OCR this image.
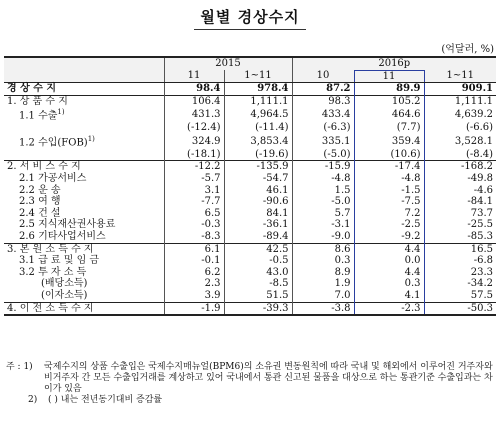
월별 경상수지
(억달러, %)
	2015		2016p		
	11	1~11	10	11	1~11
경 상 수 지	98.4	978.4	87.2	89.9	909.1
1. 상 품 수 지	106.4	1,111.1	98.3	105.2	1,111.1
1.1 수출$^{1)}$	431.3	4,964.5	433.4	464.6	4,639.2
	(-12.4)	(-11.4)	(-6.3)	(7.7)	(-6.6)
1.2 수입(FOB)$^{1)}$	324.9	3,853.4	335.1	359.4	3,528.1
	(-18.1)	(-19.6)	(-5.0)	(10.6)	(-8.4)
2. 서 비 스 수 지	-12.2	-135.9	-15.9	-17.4	-168.2
2.1 가공서비스	-5.7	-54.7	-4.8	-4.8	-49.8
2.2 운 송	3.1	46.1	1.5	-1.5	-4.6
2.3 여 행	-7.7	-90.6	-5.0	-7.5	-84.1
2.4 건 설	6.5	84.1	5.7	7.2	73.7
2.5 지식재산권사용료	-0.3	-36.1	-3.1	-2.5	-25.5
2.6 기타사업서비스	-8.3	-89.4	-9.0	-9.2	-85.3
3. 본 원 소 득 수 지	6.1	42.5	8.6	4.4	16.5
3.1 급 료 및 임 금	-0.1	-0.5	0.3	0.0	-6.8
3.2 투 자 소 득	6.2	43.0	8.9	4.4	23.3
(배당소득)	2.3	-8.5	1.9	0.3	-34.2
(이자소득)	3.9	51.5	7.0	4.1	57.5
4. 이 전 소 득 수 지	-1.9	-39.3	-3.8	-2.3	-50.3
주 : 1)	국제수지의 상품 수출입은 국제수지매뉴얼(BPM6)의 소유권 변동원칙에 따라 국내 및 해외에서 이루어진 거주자와 비거주자 간 모든 수출입거래를 계상하고 있어 국내에서 통관 신고된 물품을 대상으로 하는 통관기준 수출입과는 차이가 있음
2)	( ) 내는 전년동기대비 증감률
